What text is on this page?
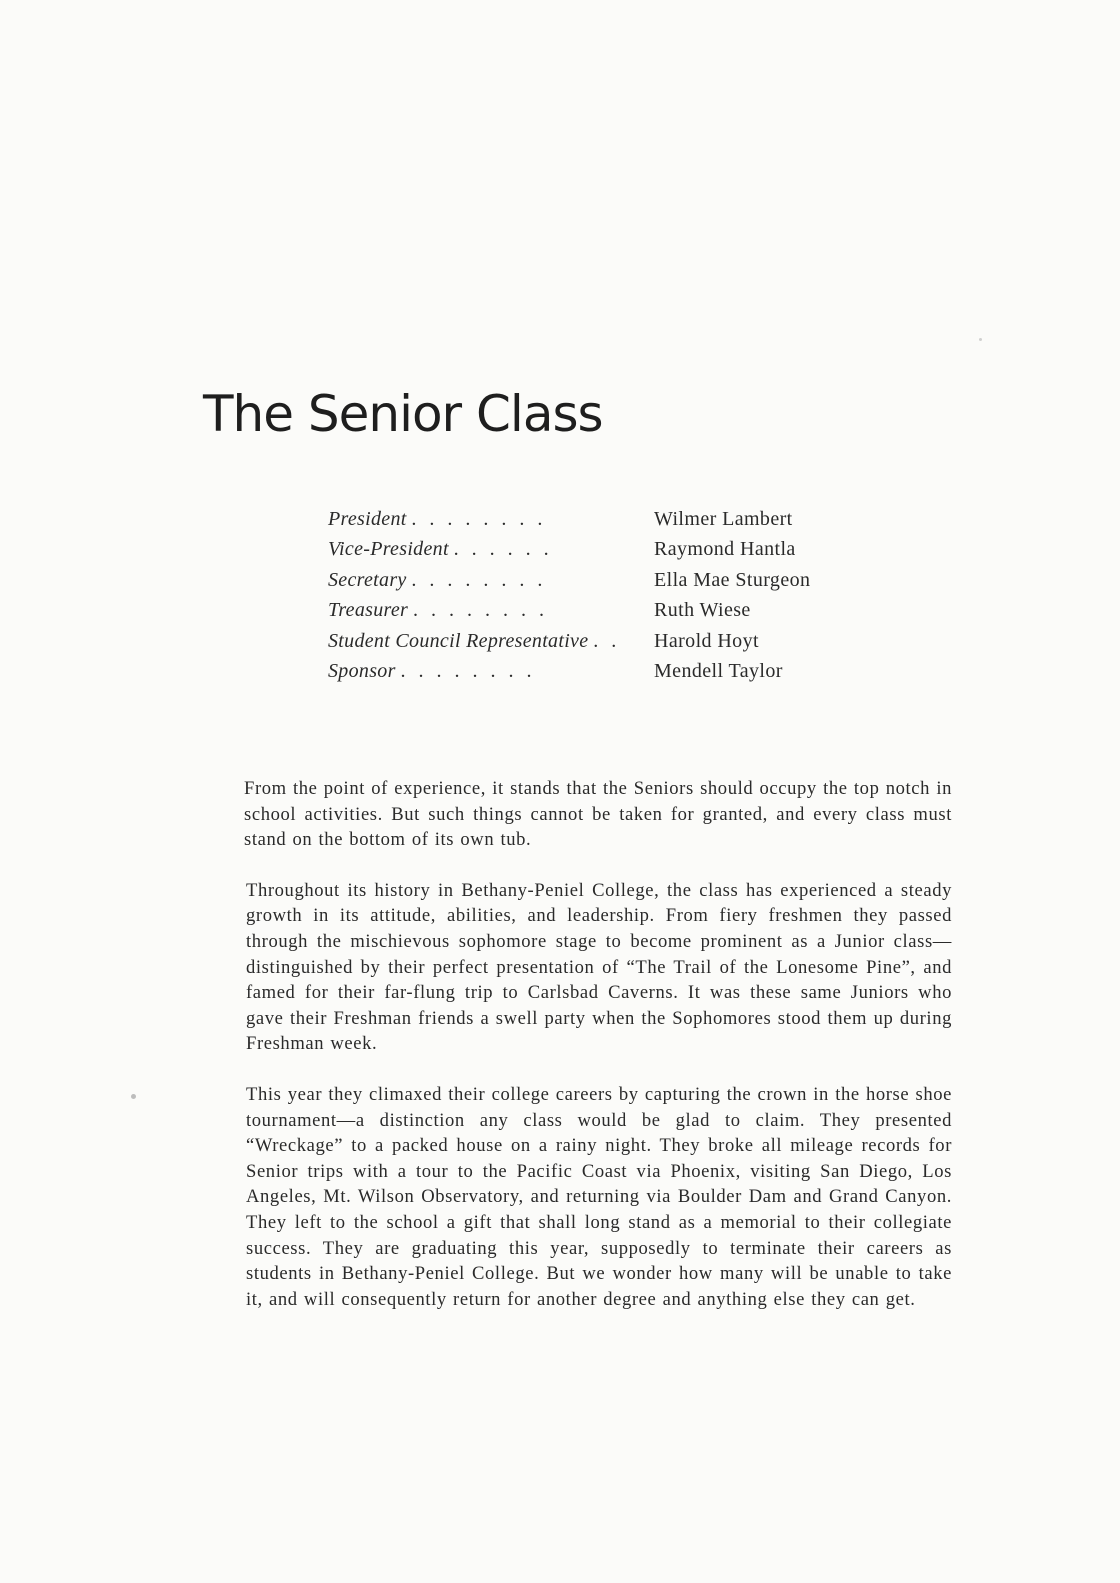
The Senior Class
President . . . . . . . .	Wilmer Lambert
Vice-President . . . . . .	Raymond Hantla
Secretary . . . . . . . .	Ella Mae Sturgeon
Treasurer . . . . . . . .	Ruth Wiese
Student Council Representative . . Harold Hoyt
Sponsor . . . . . . . .	Mendell Taylor

From the point of experience, it stands that the Seniors should occupy the top notch in school activities. But such things cannot be taken for granted, and every class must stand on the bottom of its own tub.

Throughout its history in Bethany-Peniel College, the class has experienced a steady growth in its attitude, abilities, and leadership. From fiery freshmen they passed through the mischievous sophomore stage to become prominent as a Junior class—distinguished by their perfect presentation of “The Trail of the Lonesome Pine”, and famed for their far-flung trip to Carlsbad Caverns. It was these same Juniors who gave their Freshman friends a swell party when the Sophomores stood them up during Freshman week.

This year they climaxed their college careers by capturing the crown in the horse shoe tournament—a distinction any class would be glad to claim. They presented “Wreckage” to a packed house on a rainy night. They broke all mileage records for Senior trips with a tour to the Pacific Coast via Phoenix, visiting San Diego, Los Angeles, Mt. Wilson Observatory, and returning via Boulder Dam and Grand Canyon. They left to the school a gift that shall long stand as a memorial to their collegiate success. They are graduating this year, supposedly to terminate their careers as students in Bethany-Peniel College. But we wonder how many will be unable to take it, and will consequently return for another degree and anything else they can get.
